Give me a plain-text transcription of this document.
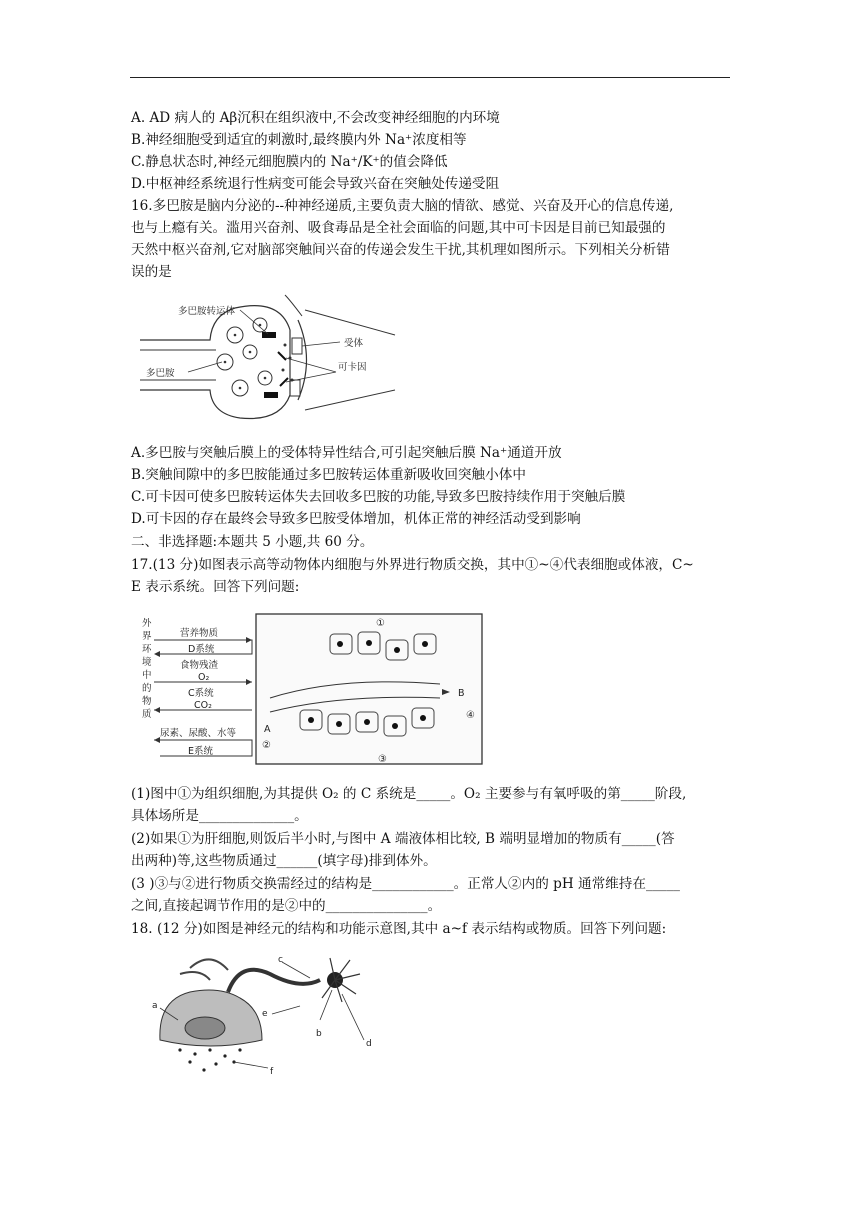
A. AD 病人的 Aβ沉积在组织液中,不会改变神经细胞的内环境
B.神经细胞受到适宜的刺激时,最终膜内外 Na⁺浓度相等
C.静息状态时,神经元细胞膜内的 Na⁺/K⁺的值会降低
D.中枢神经系统退行性病变可能会导致兴奋在突触处传递受阻
16.多巴胺是脑内分泌的--种神经递质,主要负责大脑的情欲、感觉、兴奋及开心的信息传递,
也与上瘾有关。滥用兴奋剂、吸食毒品是全社会面临的问题,其中可卡因是目前已知最强的
天然中枢兴奋剂,它对脑部突触间兴奋的传递会发生干扰,其机理如图所示。下列相关分析错
误的是
多巴胺转运体
多巴胺
受体
可卡因
A.多巴胺与突触后膜上的受体特异性结合,可引起突触后膜 Na⁺通道开放
B.突触间隙中的多巴胺能通过多巴胺转运体重新吸收回突触小体中
C.可卡因可使多巴胺转运体失去回收多巴胺的功能,导致多巴胺持续作用于突触后膜
D.可卡因的存在最终会导致多巴胺受体增加，机体正常的神经活动受到影响
二、非选择题:本题共 5 小题,共 60 分。
17.(13 分)如图表示高等动物体内细胞与外界进行物质交换，其中①~④代表细胞或体液，C~
E 表示系统。回答下列问题:
外
界
环
境
中
的
物
质
营养物质
D系统
食物残渣
O₂
C系统
CO₂
尿素、尿酸、水等
E系统
A
B
①
②
③
④
(1)图中①为组织细胞,为其提供 O₂ 的 C 系统是_____。O₂ 主要参与有氧呼吸的第_____阶段,
具体场所是______________。
(2)如果①为肝细胞,则饭后半小时,与图中 A 端液体相比较, B 端明显增加的物质有_____(答
出两种)等,这些物质通过______(填字母)排到体外。
(3 )③与②进行物质交换需经过的结构是____________。正常人②内的 pH 通常维持在_____
之间,直接起调节作用的是②中的_______________。
18. (12 分)如图是神经元的结构和功能示意图,其中 a~f 表示结构或物质。回答下列问题:
a
b
c
d
e
f
